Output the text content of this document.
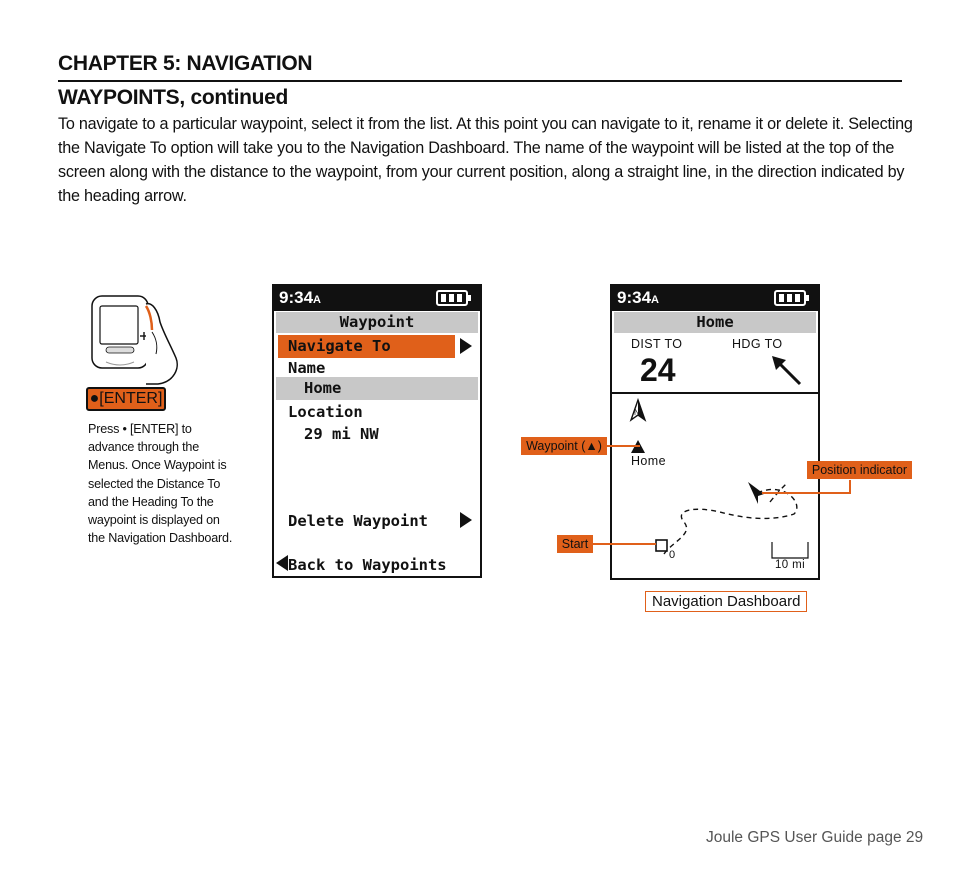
CHAPTER 5: NAVIGATION
WAYPOINTS, continued
To navigate to a particular waypoint, select it from the list. At this point you can navigate to it, rename it or delete it. Selecting the Navigate To option will take you to the Navigation Dashboard. The name of the waypoint will be listed at the top of the screen along with the distance to the waypoint, from your current position, along a straight line, in the direction indicated by the heading arrow.
●[ENTER]
Press • [ENTER] to advance through the Menus. Once Waypoint is selected the Distance To and the Heading To the waypoint is displayed on the Navigation Dashboard.
9:34A
Waypoint
Navigate To
Name
Home
Location
29 mi NW
Delete Waypoint
Back to Waypoints
9:34A
Home
DIST TO	HDG TO
24
N
Home
0
10 mi
Waypoint (▲)
Position indicator
Start
Navigation Dashboard
Joule GPS User Guide page 29
